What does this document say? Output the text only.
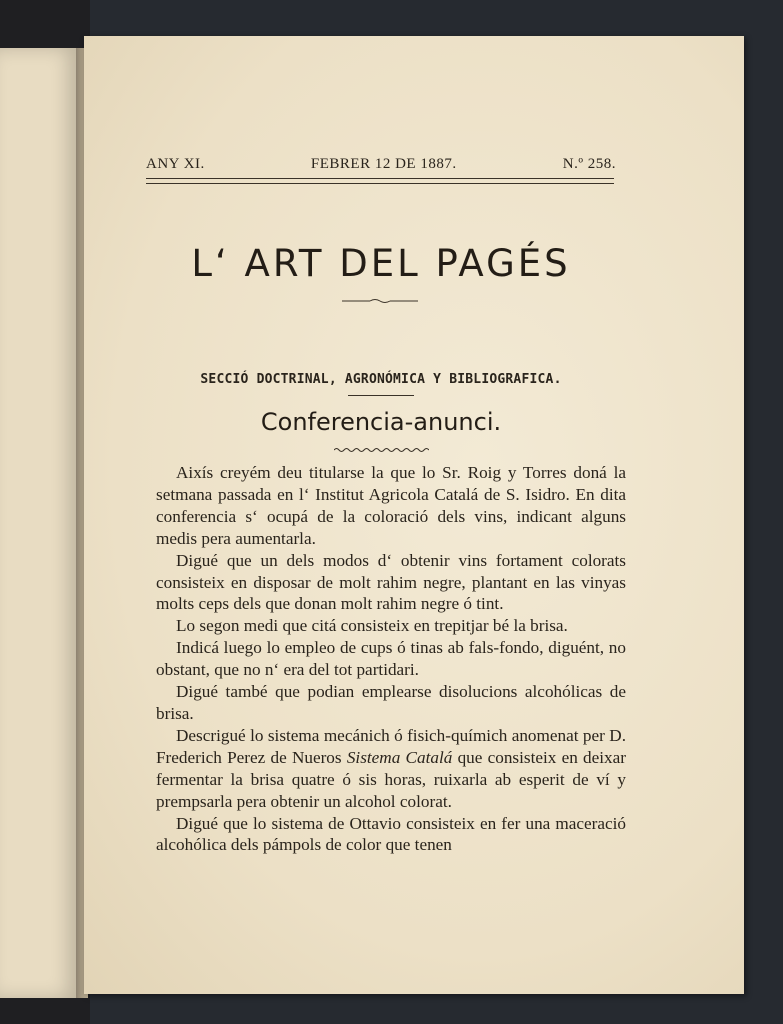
ANY XI.	FEBRER 12 DE 1887.	N.º 258.
L‘ ART DEL PAGÉS
SECCIÓ DOCTRINAL, AGRONÓMICA Y BIBLIOGRAFICA.
Conferencia-anunci.

Aixís creyém deu titularse la que lo Sr. Roig y Torres doná la setmana passada en l‘ Institut Agricola Catalá de S. Isidro. En dita conferencia s‘ ocupá de la coloració dels vins, indicant alguns medis pera aumentarla.

Digué que un dels modos d‘ obtenir vins fortament colorats consisteix en disposar de molt rahim negre, plantant en las vinyas molts ceps dels que donan molt rahim negre ó tint.

Lo segon medi que citá consisteix en trepitjar bé la brisa.

Indicá luego lo empleo de cups ó tinas ab fals-fondo, diguént, no obstant, que no n‘ era del tot partidari.

Digué també que podian emplearse disolucions alcohólicas de brisa.

Descrigué lo sistema mecánich ó fisich-químich anomenat per D. Frederich Perez de Nueros Sistema Catalá que consisteix en deixar fermentar la brisa quatre ó sis horas, ruixarla ab esperit de ví y prempsarla pera obtenir un alcohol colorat.

Digué que lo sistema de Ottavio consisteix en fer una maceració alcohólica dels pámpols de color que tenen
